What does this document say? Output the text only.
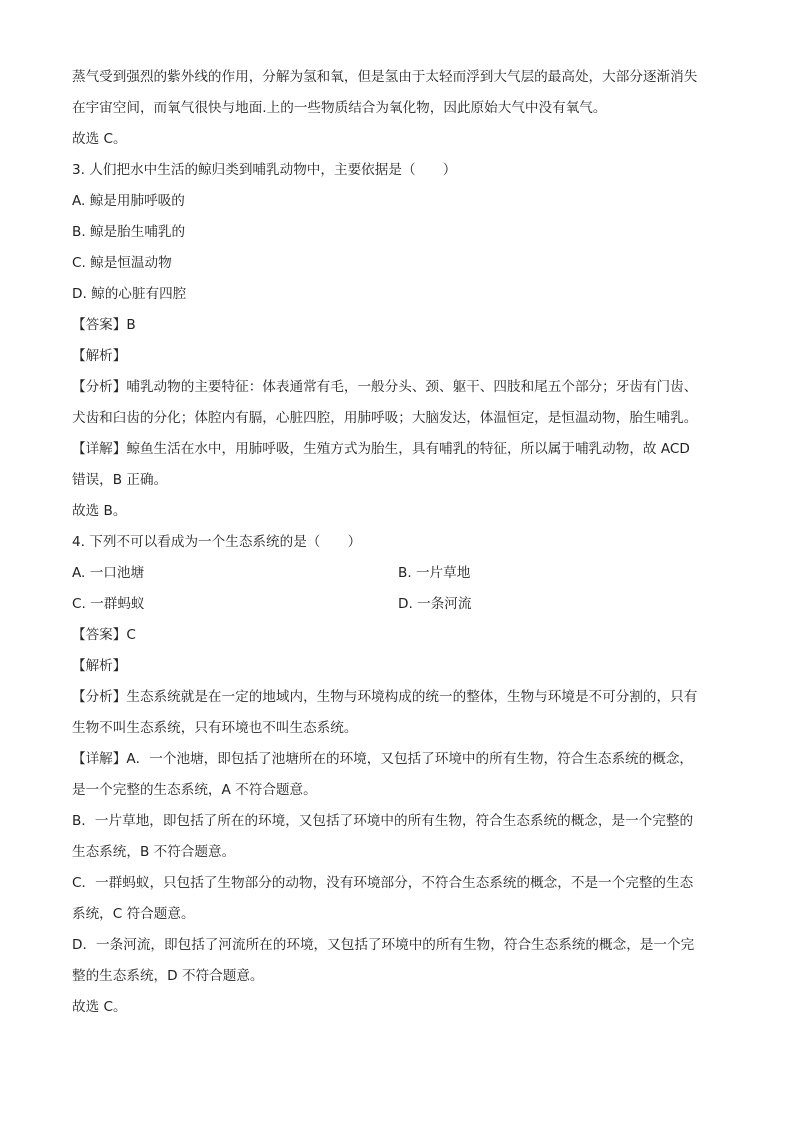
蒸气受到强烈的紫外线的作用，分解为氢和氧，但是氢由于太轻而浮到大气层的最高处，大部分逐渐消失
在宇宙空间，而氧气很快与地面.上的一些物质结合为氧化物，因此原始大气中没有氧气。
故选 C。
3. 人们把水中生活的鲸归类到哺乳动物中，主要依据是（　　）
A. 鲸是用肺呼吸的
B. 鲸是胎生哺乳的
C. 鲸是恒温动物
D. 鲸的心脏有四腔
【答案】B
【解析】
【分析】哺乳动物的主要特征：体表通常有毛，一般分头、颈、躯干、四肢和尾五个部分；牙齿有门齿、
犬齿和臼齿的分化；体腔内有膈，心脏四腔，用肺呼吸；大脑发达，体温恒定，是恒温动物，胎生哺乳。
【详解】鲸鱼生活在水中，用肺呼吸，生殖方式为胎生，具有哺乳的特征，所以属于哺乳动物，故 ACD
错误，B 正确。
故选 B。
4. 下列不可以看成为一个生态系统的是（　　）
A. 一口池塘	B. 一片草地
C. 一群蚂蚁	D. 一条河流
【答案】C
【解析】
【分析】生态系统就是在一定的地域内，生物与环境构成的统一的整体，生物与环境是不可分割的，只有
生物不叫生态系统，只有环境也不叫生态系统。
【详解】A．一个池塘，即包括了池塘所在的环境，又包括了环境中的所有生物，符合生态系统的概念，
是一个完整的生态系统，A 不符合题意。
B．一片草地，即包括了所在的环境，又包括了环境中的所有生物，符合生态系统的概念，是一个完整的
生态系统，B 不符合题意。
C．一群蚂蚁，只包括了生物部分的动物，没有环境部分，不符合生态系统的概念，不是一个完整的生态
系统，C 符合题意。
D．一条河流，即包括了河流所在的环境，又包括了环境中的所有生物，符合生态系统的概念，是一个完
整的生态系统，D 不符合题意。
故选 C。
